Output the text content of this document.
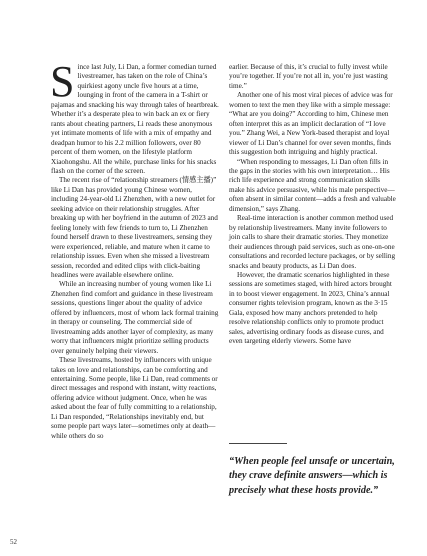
Since last July, Li Dan, a former comedian turned livestreamer, has taken on the role of China’s quirkiest agony uncle five hours at a time, lounging in front of the camera in a T-shirt or pajamas and snacking his way through tales of heartbreak. Whether it’s a desperate plea to win back an ex or fiery rants about cheating partners, Li reads these anonymous yet intimate moments of life with a mix of empathy and deadpan humor to his 2.2 million followers, over 80 percent of them women, on the lifestyle platform Xiaohongshu. All the while, purchase links for his snacks flash on the corner of the screen.

The recent rise of “relationship streamers (情感主播)” like Li Dan has provided young Chinese women, including 24-year-old Li Zhenzhen, with a new outlet for seeking advice on their relationship struggles. After breaking up with her boyfriend in the autumn of 2023 and feeling lonely with few friends to turn to, Li Zhenzhen found herself drawn to these livestreamers, sensing they were experienced, reliable, and mature when it came to relationship issues. Even when she missed a livestream session, recorded and edited clips with click-baiting headlines were available elsewhere online.

While an increasing number of young women like Li Zhenzhen find comfort and guidance in these livestream sessions, questions linger about the quality of advice offered by influencers, most of whom lack formal training in therapy or counseling. The commercial side of livestreaming adds another layer of complexity, as many worry that influencers might prioritize selling products over genuinely helping their viewers.

These livestreams, hosted by influencers with unique takes on love and relationships, can be comforting and entertaining. Some people, like Li Dan, read comments or direct messages and respond with instant, witty reactions, offering advice without judgment. Once, when he was asked about the fear of fully committing to a relationship, Li Dan responded, “Relationships inevitably end, but some people part ways later—sometimes only at death—while others do so

earlier. Because of this, it’s crucial to fully invest while you’re together. If you’re not all in, you’re just wasting time.”

Another one of his most viral pieces of advice was for women to text the men they like with a simple message: “What are you doing?” According to him, Chinese men often interpret this as an implicit declaration of “I love you.” Zhang Wei, a New York-based therapist and loyal viewer of Li Dan’s channel for over seven months, finds this suggestion both intriguing and highly practical.

“When responding to messages, Li Dan often fills in the gaps in the stories with his own interpretation… His rich life experience and strong communication skills make his advice persuasive, while his male perspective—often absent in similar content—adds a fresh and valuable dimension,” says Zhang.

Real-time interaction is another common method used by relationship livestreamers. Many invite followers to join calls to share their dramatic stories. They monetize their audiences through paid services, such as one-on-one consultations and recorded lecture packages, or by selling snacks and beauty products, as Li Dan does.

However, the dramatic scenarios highlighted in these sessions are sometimes staged, with hired actors brought in to boost viewer engagement. In 2023, China’s annual consumer rights television program, known as the 3·15 Gala, exposed how many anchors pretended to help resolve relationship conflicts only to promote product sales, advertising ordinary foods as disease cures, and even targeting elderly viewers. Some have

“When people feel unsafe or uncertain, they crave definite answers—which is precisely what these hosts provide.”

52
